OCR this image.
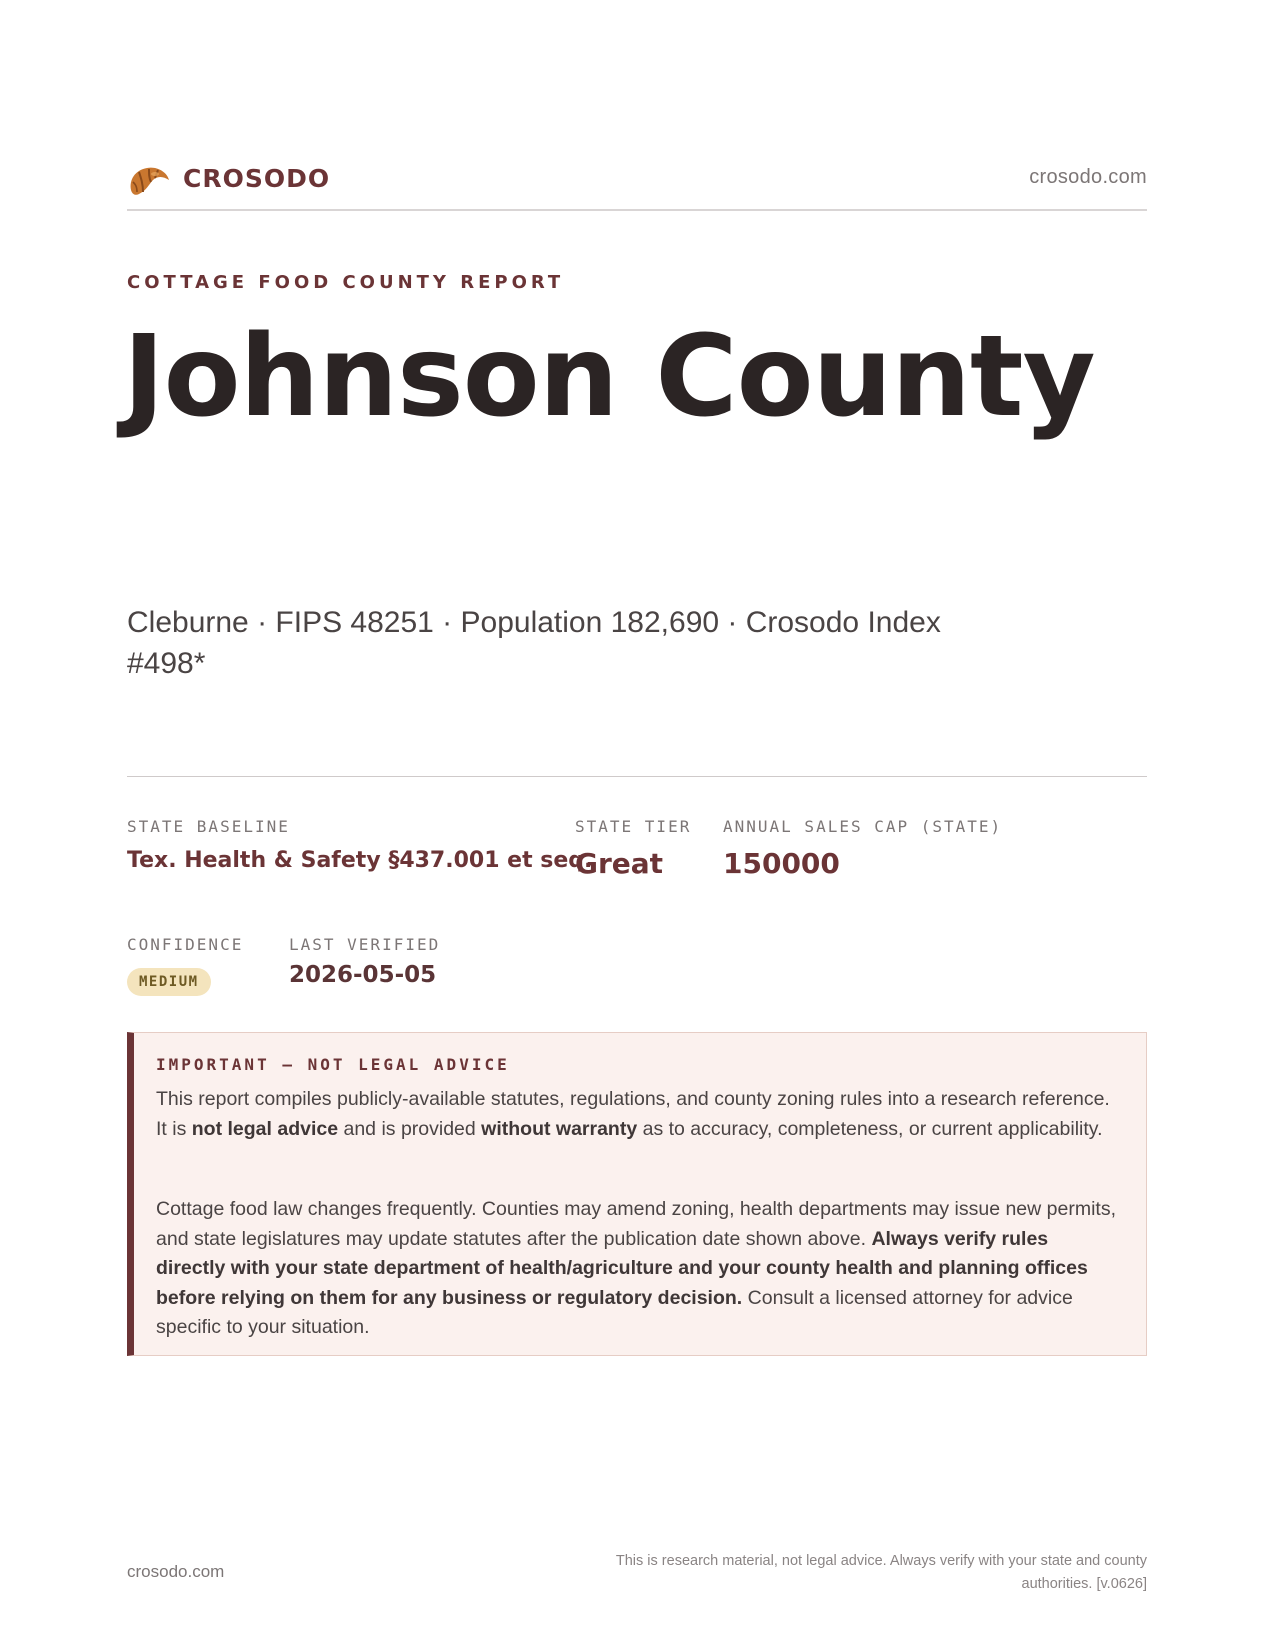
CROSODO	crosodo.com
COTTAGE FOOD COUNTY REPORT
Johnson County
Cleburne · FIPS 48251 · Population 182,690 · Crosodo Index #498*
STATE BASELINE
Tex. Health & Safety §437.001 et seq.
STATE TIER
Great
ANNUAL SALES CAP (STATE)
150000
CONFIDENCE
MEDIUM
LAST VERIFIED
2026-05-05
IMPORTANT — NOT LEGAL ADVICE

This report compiles publicly-available statutes, regulations, and county zoning rules into a research reference. It is not legal advice and is provided without warranty as to accuracy, completeness, or current applicability.

Cottage food law changes frequently. Counties may amend zoning, health departments may issue new permits, and state legislatures may update statutes after the publication date shown above. Always verify rules directly with your state department of health/agriculture and your county health and planning offices before relying on them for any business or regulatory decision. Consult a licensed attorney for advice specific to your situation.

crosodo.com
This is research material, not legal advice. Always verify with your state and county authorities. [v.0626]
